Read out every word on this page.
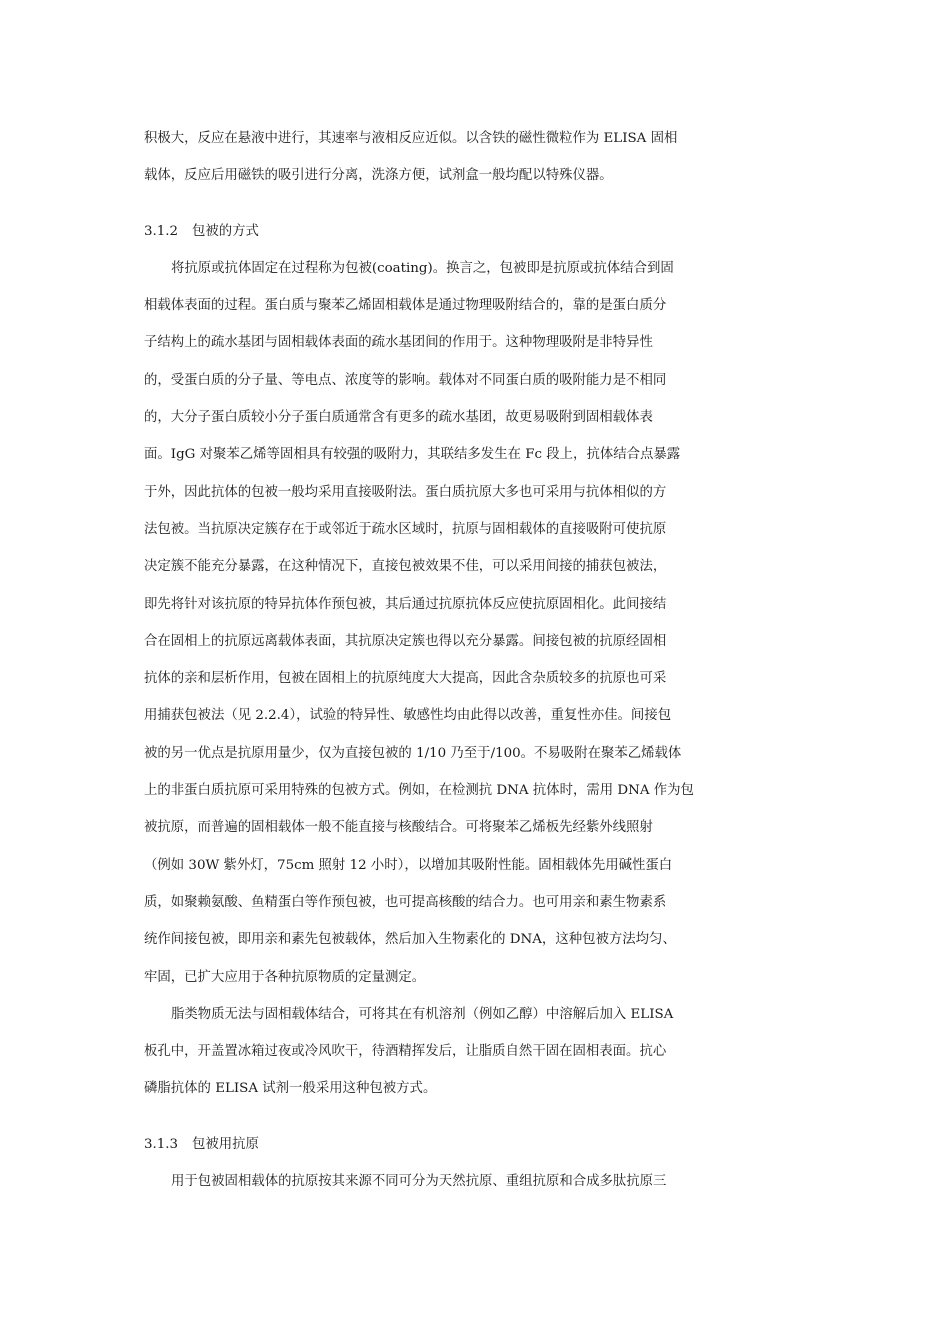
积极大，反应在悬液中进行，其速率与液相反应近似。以含铁的磁性微粒作为 ELISA 固相
载体，反应后用磁铁的吸引进行分离，洗涤方便，试剂盒一般均配以特殊仪器。
3.1.2 包被的方式
将抗原或抗体固定在过程称为包被(coating)。换言之，包被即是抗原或抗体结合到固
相载体表面的过程。蛋白质与聚苯乙烯固相载体是通过物理吸附结合的，靠的是蛋白质分
子结构上的疏水基团与固相载体表面的疏水基团间的作用于。这种物理吸附是非特异性
的，受蛋白质的分子量、等电点、浓度等的影响。载体对不同蛋白质的吸附能力是不相同
的，大分子蛋白质较小分子蛋白质通常含有更多的疏水基团，故更易吸附到固相载体表
面。IgG 对聚苯乙烯等固相具有较强的吸附力，其联结多发生在 Fc 段上，抗体结合点暴露
于外，因此抗体的包被一般均采用直接吸附法。蛋白质抗原大多也可采用与抗体相似的方
法包被。当抗原决定簇存在于或邻近于疏水区域时，抗原与固相载体的直接吸附可使抗原
决定簇不能充分暴露，在这种情况下，直接包被效果不佳，可以采用间接的捕获包被法，
即先将针对该抗原的特异抗体作预包被，其后通过抗原抗体反应使抗原固相化。此间接结
合在固相上的抗原远离载体表面，其抗原决定簇也得以充分暴露。间接包被的抗原经固相
抗体的亲和层析作用，包被在固相上的抗原纯度大大提高，因此含杂质较多的抗原也可采
用捕获包被法（见 2.2.4），试验的特异性、敏感性均由此得以改善，重复性亦佳。间接包
被的另一优点是抗原用量少，仅为直接包被的 1/10 乃至于/100。不易吸附在聚苯乙烯载体
上的非蛋白质抗原可采用特殊的包被方式。例如，在检测抗 DNA 抗体时，需用 DNA 作为包
被抗原，而普遍的固相载体一般不能直接与核酸结合。可将聚苯乙烯板先经紫外线照射
（例如 30W 紫外灯，75cm 照射 12 小时），以增加其吸附性能。固相载体先用碱性蛋白
质，如聚赖氨酸、鱼精蛋白等作预包被，也可提高核酸的结合力。也可用亲和素生物素系
统作间接包被，即用亲和素先包被载体，然后加入生物素化的 DNA，这种包被方法均匀、
牢固，已扩大应用于各种抗原物质的定量测定。
脂类物质无法与固相载体结合，可将其在有机溶剂（例如乙醇）中溶解后加入 ELISA
板孔中，开盖置冰箱过夜或冷风吹干，待酒精挥发后，让脂质自然干固在固相表面。抗心
磷脂抗体的 ELISA 试剂一般采用这种包被方式。
3.1.3 包被用抗原
用于包被固相载体的抗原按其来源不同可分为天然抗原、重组抗原和合成多肽抗原三
